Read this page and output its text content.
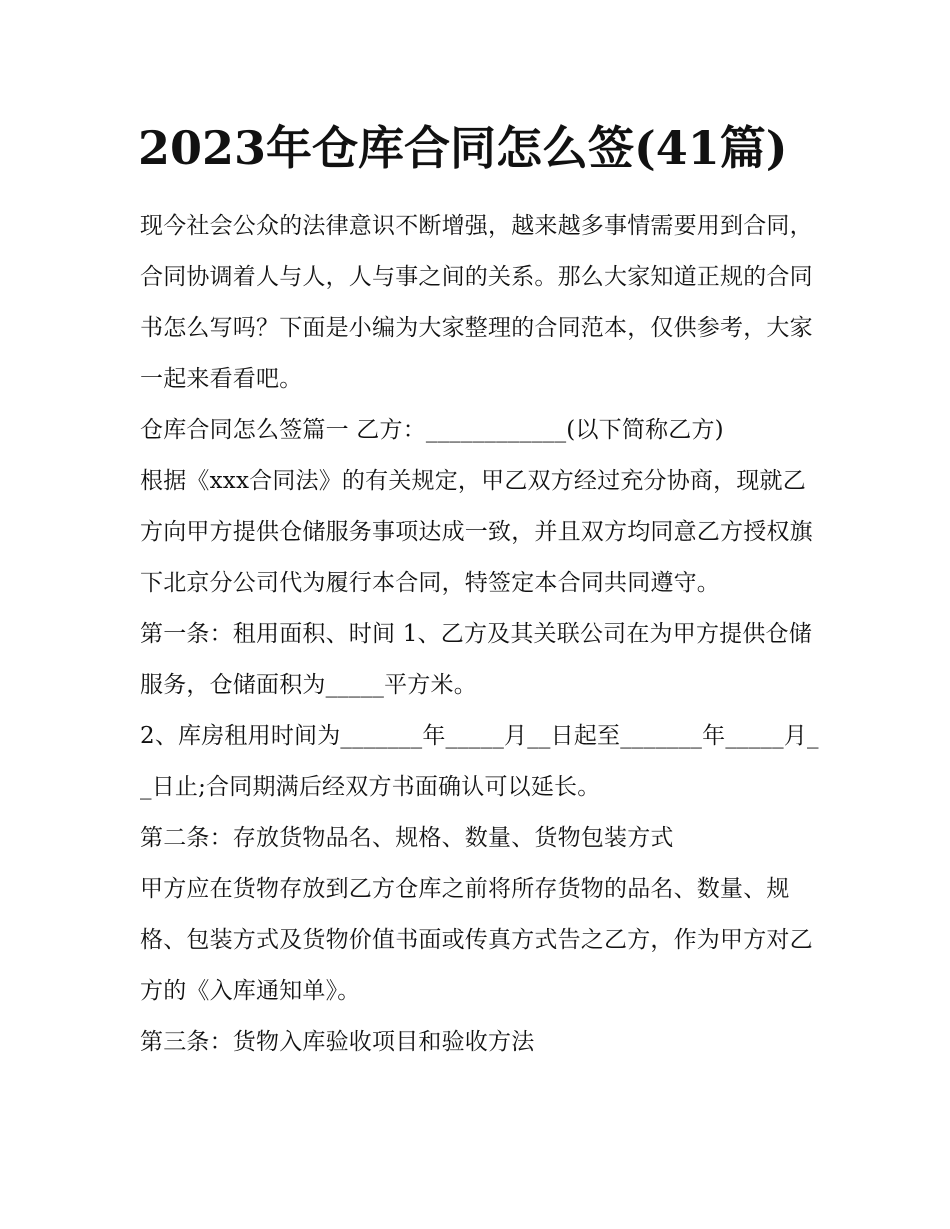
2023年仓库合同怎么签(41篇)

现今社会公众的法律意识不断增强，越来越多事情需要用到合同，合同协调着人与人，人与事之间的关系。那么大家知道正规的合同书怎么写吗？下面是小编为大家整理的合同范本，仅供参考，大家一起来看看吧。

仓库合同怎么签篇一 乙方：____________(以下简称乙方)

根据《xxx合同法》的有关规定，甲乙双方经过充分协商，现就乙方向甲方提供仓储服务事项达成一致，并且双方均同意乙方授权旗下北京分公司代为履行本合同，特签定本合同共同遵守。

第一条：租用面积、时间 1、乙方及其关联公司在为甲方提供仓储服务，仓储面积为_____平方米。

2、库房租用时间为_______年_____月__日起至_______年_____月__日止;合同期满后经双方书面确认可以延长。

第二条：存放货物品名、规格、数量、货物包装方式

甲方应在货物存放到乙方仓库之前将所存货物的品名、数量、规格、包装方式及货物价值书面或传真方式告之乙方，作为甲方对乙方的《入库通知单》。

第三条：货物入库验收项目和验收方法
